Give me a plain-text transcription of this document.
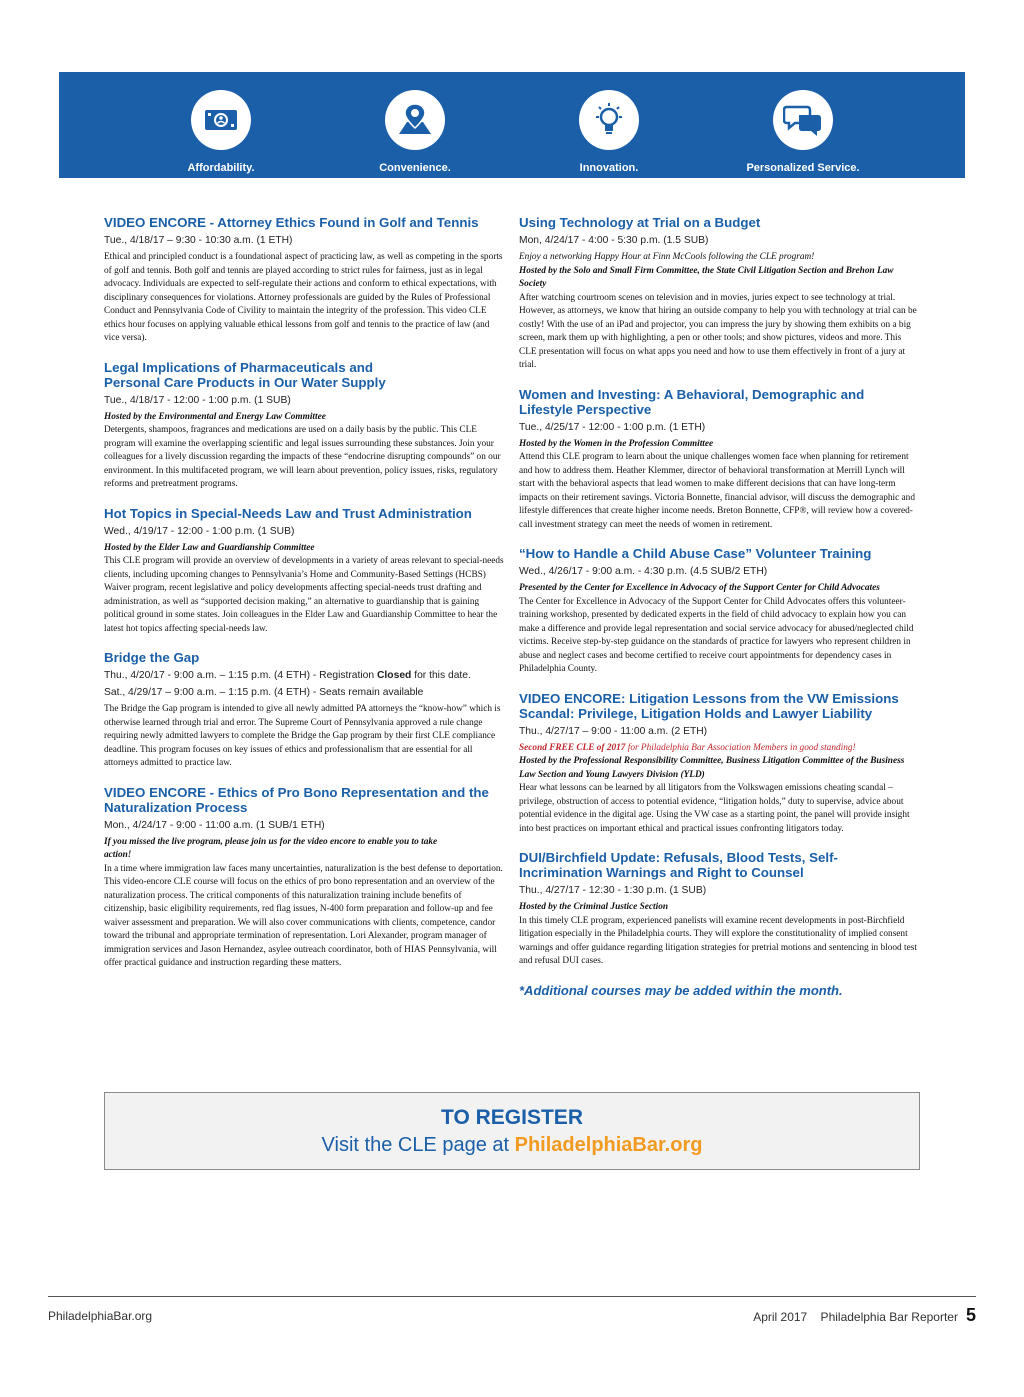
Affordability.	Convenience.	Innovation.	Personalized Service.
VIDEO ENCORE - Attorney Ethics Found in Golf and Tennis
Tue., 4/18/17 – 9:30 - 10:30 a.m. (1 ETH)
Ethical and principled conduct is a foundational aspect of practicing law, as well as competing in the sports of golf and tennis. Both golf and tennis are played according to strict rules for fairness, just as in legal advocacy. Individuals are expected to self-regulate their actions and conform to ethical expectations, with disciplinary consequences for violations. Attorney professionals are guided by the Rules of Professional Conduct and Pennsylvania Code of Civility to maintain the integrity of the profession. This video CLE ethics hour focuses on applying valuable ethical lessons from golf and tennis to the practice of law (and vice versa).
Legal Implications of Pharmaceuticals and Personal Care Products in Our Water Supply
Tue., 4/18/17 - 12:00 - 1:00 p.m. (1 SUB)
Hosted by the Environmental and Energy Law Committee
Detergents, shampoos, fragrances and medications are used on a daily basis by the public. This CLE program will examine the overlapping scientific and legal issues surrounding these substances. Join your colleagues for a lively discussion regarding the impacts of these “endocrine disrupting compounds” on our environment. In this multifaceted program, we will learn about prevention, policy issues, risks, regulatory reforms and pretreatment programs.
Hot Topics in Special-Needs Law and Trust Administration
Wed., 4/19/17 - 12:00 - 1:00 p.m. (1 SUB)
Hosted by the Elder Law and Guardianship Committee
This CLE program will provide an overview of developments in a variety of areas relevant to special-needs clients, including upcoming changes to Pennsylvania’s Home and Community-Based Settings (HCBS) Waiver program, recent legislative and policy developments affecting special-needs trust drafting and administration, as well as “supported decision making,” an alternative to guardianship that is gaining political ground in some states. Join colleagues in the Elder Law and Guardianship Committee to hear the latest hot topics affecting special-needs law.
Bridge the Gap
Thu., 4/20/17 - 9:00 a.m. – 1:15 p.m. (4 ETH) - Registration Closed for this date.
Sat., 4/29/17 – 9:00 a.m. – 1:15 p.m. (4 ETH) - Seats remain available
The Bridge the Gap program is intended to give all newly admitted PA attorneys the “know-how” which is otherwise learned through trial and error. The Supreme Court of Pennsylvania approved a rule change requiring newly admitted lawyers to complete the Bridge the Gap program by their first CLE compliance deadline. This program focuses on key issues of ethics and professionalism that are essential for all attorneys admitted to practice law.
VIDEO ENCORE - Ethics of Pro Bono Representation and the Naturalization Process
Mon., 4/24/17 - 9:00 - 11:00 a.m. (1 SUB/1 ETH)
If you missed the live program, please join us for the video encore to enable you to take action!
In a time where immigration law faces many uncertainties, naturalization is the best defense to deportation. This video-encore CLE course will focus on the ethics of pro bono representation and an overview of the naturalization process. The critical components of this naturalization training include benefits of citizenship, basic eligibility requirements, red flag issues, N-400 form preparation and follow-up and fee waiver assessment and preparation. We will also cover communications with clients, competence, candor toward the tribunal and appropriate termination of representation. Lori Alexander, program manager of immigration services and Jason Hernandez, asylee outreach coordinator, both of HIAS Pennsylvania, will offer practical guidance and instruction regarding these matters.
Using Technology at Trial on a Budget
Mon, 4/24/17 - 4:00 - 5:30 p.m. (1.5 SUB)
Enjoy a networking Happy Hour at Finn McCools following the CLE program!
Hosted by the Solo and Small Firm Committee, the State Civil Litigation Section and Brehon Law Society
After watching courtroom scenes on television and in movies, juries expect to see technology at trial. However, as attorneys, we know that hiring an outside company to help you with technology at trial can be costly! With the use of an iPad and projector, you can impress the jury by showing them exhibits on a big screen, mark them up with highlighting, a pen or other tools; and show pictures, videos and more. This CLE presentation will focus on what apps you need and how to use them effectively in front of a jury at trial.
Women and Investing: A Behavioral, Demographic and Lifestyle Perspective
Tue., 4/25/17 - 12:00 - 1:00 p.m. (1 ETH)
Hosted by the Women in the Profession Committee
Attend this CLE program to learn about the unique challenges women face when planning for retirement and how to address them. Heather Klemmer, director of behavioral transformation at Merrill Lynch will start with the behavioral aspects that lead women to make different decisions that can have long-term impacts on their retirement savings. Victoria Bonnette, financial advisor, will discuss the demographic and lifestyle differences that create higher income needs. Breton Bonnette, CFP®, will review how a covered-call investment strategy can meet the needs of women in retirement.
“How to Handle a Child Abuse Case” Volunteer Training
Wed., 4/26/17 - 9:00 a.m. - 4:30 p.m. (4.5 SUB/2 ETH)
Presented by the Center for Excellence in Advocacy of the Support Center for Child Advocates
The Center for Excellence in Advocacy of the Support Center for Child Advocates offers this volunteer-training workshop, presented by dedicated experts in the field of child advocacy to explain how you can make a difference and provide legal representation and social service advocacy for abused/neglected child victims. Receive step-by-step guidance on the standards of practice for lawyers who represent children in abuse and neglect cases and become certified to receive court appointments for dependency cases in Philadelphia County.
VIDEO ENCORE: Litigation Lessons from the VW Emissions Scandal: Privilege, Litigation Holds and Lawyer Liability
Thu., 4/27/17 – 9:00 - 11:00 a.m. (2 ETH)
Second FREE CLE of 2017 for Philadelphia Bar Association Members in good standing!
Hosted by the Professional Responsibility Committee, Business Litigation Committee of the Business Law Section and Young Lawyers Division (YLD)
Hear what lessons can be learned by all litigators from the Volkswagen emissions cheating scandal – privilege, obstruction of access to potential evidence, “litigation holds,” duty to supervise, advice about potential evidence in the digital age. Using the VW case as a starting point, the panel will provide insight into best practices on important ethical and practical issues confronting litigators today.
DUI/Birchfield Update: Refusals, Blood Tests, Self-Incrimination Warnings and Right to Counsel
Thu., 4/27/17 - 12:30 - 1:30 p.m. (1 SUB)
Hosted by the Criminal Justice Section
In this timely CLE program, experienced panelists will examine recent developments in post-Birchfield litigation especially in the Philadelphia courts. They will explore the constitutionality of implied consent warnings and offer guidance regarding litigation strategies for pretrial motions and sentencing in blood test and refusal DUI cases.
*Additional courses may be added within the month.
TO REGISTER
Visit the CLE page at PhiladelphiaBar.org
PhiladelphiaBar.org	April 2017    Philadelphia Bar Reporter 5
